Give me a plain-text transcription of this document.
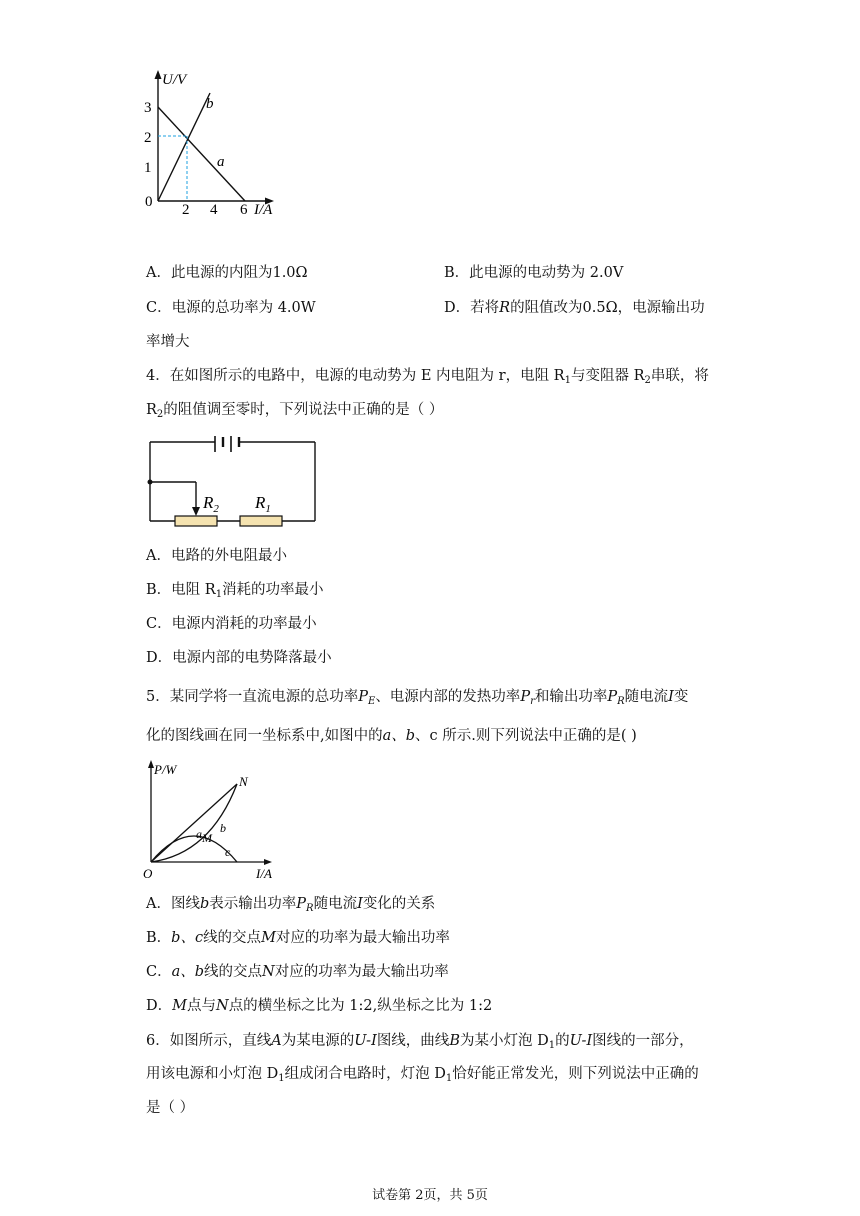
U/V
3
2
1
0 2 4 6 I/A
b
a
A．此电源的内阻为1.0Ω	B．此电源的电动势为 2.0V
C．电源的总功率为 4.0W	D．若将R的阻值改为0.5Ω，电源输出功
率增大
4．在如图所示的电路中，电源的电动势为 E 内电阻为 r，电阻 $R_1$与变阻器 $R_2$串联，将
$R_2$的阻值调至零时，下列说法中正确的是（ ）
$R_2$ $R_1$
A．电路的外电阻最小
B．电阻 $R_1$消耗的功率最小
C．电源内消耗的功率最小
D．电源内部的电势降落最小
5．某同学将一直流电源的总功率$P_E$、电源内部的发热功率$P_r$和输出功率$P_R$随电流I变
化的图线画在同一坐标系中,如图中的a、b、c 所示.则下列说法中正确的是( )
P/W
O	I/A
N
a b
M
c
A．图线b表示输出功率$P_R$随电流I变化的关系
B．b、c线的交点M对应的功率为最大输出功率
C．a、b线的交点N对应的功率为最大输出功率
D．M点与N点的横坐标之比为 1:2,纵坐标之比为 1:2
6．如图所示，直线A为某电源的U-I图线，曲线B为某小灯泡 $D_1$的U-I图线的一部分，
用该电源和小灯泡 $D_1$组成闭合电路时，灯泡 $D_1$恰好能正常发光，则下列说法中正确的
是（ ）
试卷第 2页，共 5页
